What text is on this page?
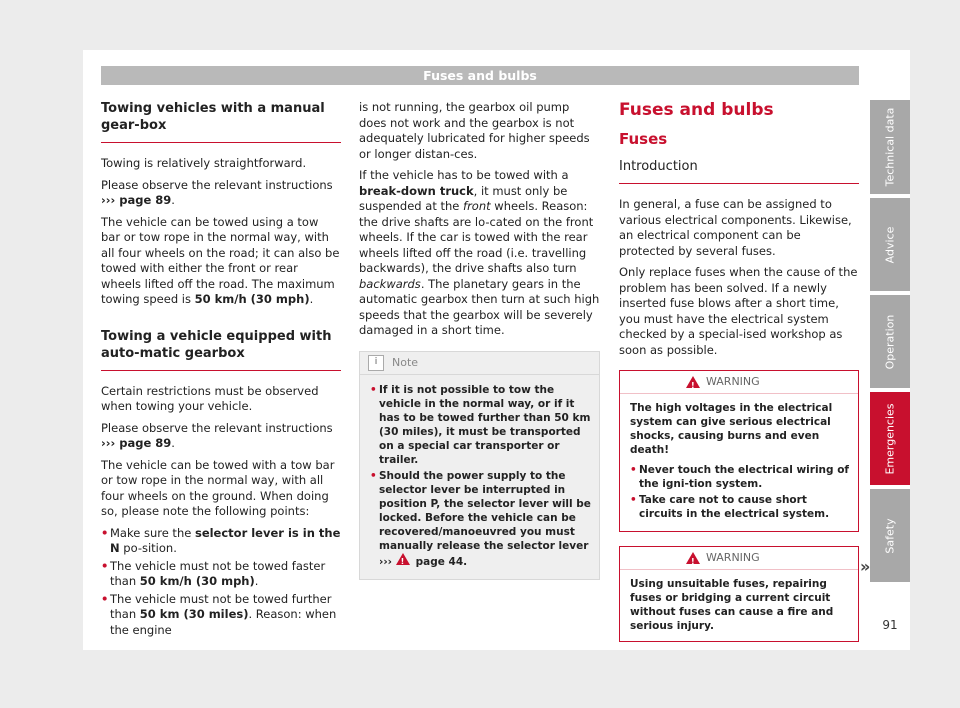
Fuses and bulbs
Towing vehicles with a manual gear-box

Towing is relatively straightforward.

Please observe the relevant instructions
››› page 89.

The vehicle can be towed using a tow bar or tow rope in the normal way, with all four wheels on the road; it can also be towed with either the front or rear wheels lifted off the road. The maximum towing speed is 50 km/h (30 mph).

Towing a vehicle equipped with auto-matic gearbox

Certain restrictions must be observed when towing your vehicle.

Please observe the relevant instructions
››› page 89.

The vehicle can be towed with a tow bar or tow rope in the normal way, with all four wheels on the ground. When doing so, please note the following points:

• Make sure the selector lever is in the N po-sition.
• The vehicle must not be towed faster than 50 km/h (30 mph).
• The vehicle must not be towed further than 50 km (30 miles). Reason: when the engine

is not running, the gearbox oil pump does not work and the gearbox is not adequately lubricated for higher speeds or longer distan-ces.

If the vehicle has to be towed with a break-down truck, it must only be suspended at the front wheels. Reason: the drive shafts are lo-cated on the front wheels. If the car is towed with the rear wheels lifted off the road (i.e. travelling backwards), the drive shafts also turn backwards. The planetary gears in the automatic gearbox then turn at such high speeds that the gearbox will be severely damaged in a short time.

i	Note
• If it is not possible to tow the vehicle in the normal way, or if it has to be towed further than 50 km (30 miles), it must be transported on a special car transporter or trailer.
• Should the power supply to the selector lever be interrupted in position P, the selector lever will be locked. Before the vehicle can be recovered/manoeuvred you must manually release the selector lever ››› ! page 44.
Fuses and bulbs
Fuses
Introduction

In general, a fuse can be assigned to various electrical components. Likewise, an electrical component can be protected by several fuses.

Only replace fuses when the cause of the problem has been solved. If a newly inserted fuse blows after a short time, you must have the electrical system checked by a special-ised workshop as soon as possible.

!
WARNING

The high voltages in the electrical system can give serious electrical shocks, causing burns and even death!

• Never touch the electrical wiring of the igni-tion system.
• Take care not to cause short circuits in the electrical system.
!
WARNING

Using unsuitable fuses, repairing fuses or bridging a current circuit without fuses can cause a fire and serious injury.

»
Technical data
Advice
Operation
Emergencies
Safety
91
